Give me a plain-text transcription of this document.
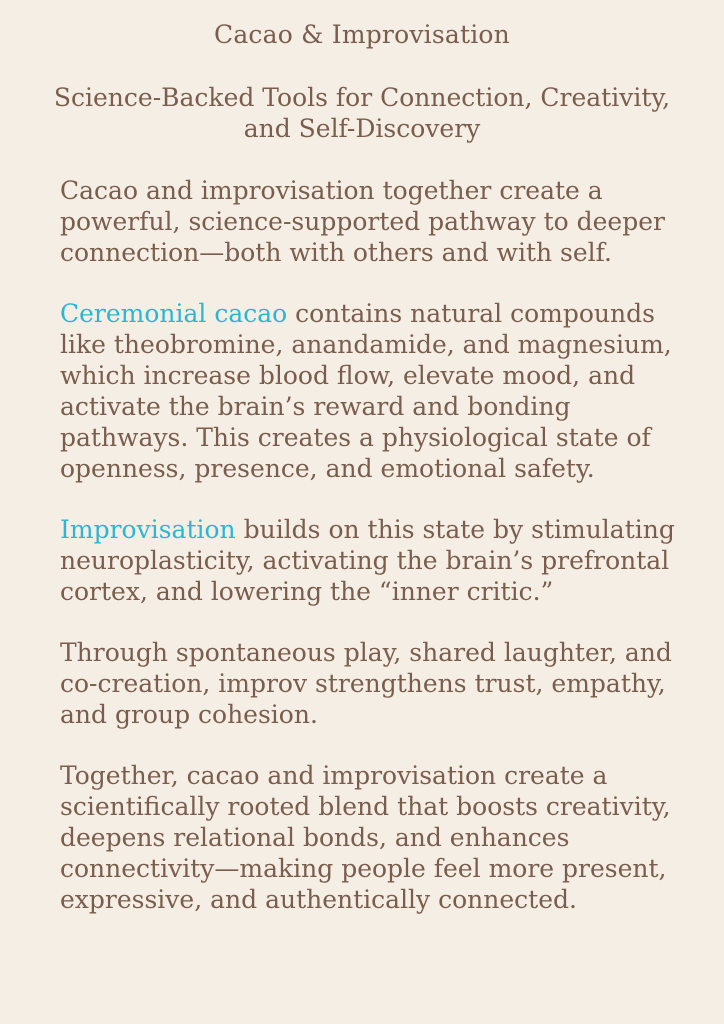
Cacao & Improvisation
Science-Backed Tools for Connection, Creativity, and Self-Discovery

Cacao and improvisation together create a powerful, science-supported pathway to deeper connection—both with others and with self.

Ceremonial cacao contains natural compounds like theobromine, anandamide, and magnesium, which increase blood flow, elevate mood, and activate the brain’s reward and bonding pathways. This creates a physiological state of openness, presence, and emotional safety.

Improvisation builds on this state by stimulating neuroplasticity, activating the brain’s prefrontal cortex, and lowering the “inner critic.”

Through spontaneous play, shared laughter, and co-creation, improv strengthens trust, empathy, and group cohesion.

Together, cacao and improvisation create a scientifically rooted blend that boosts creativity, deepens relational bonds, and enhances connectivity—making people feel more present, expressive, and authentically connected.
